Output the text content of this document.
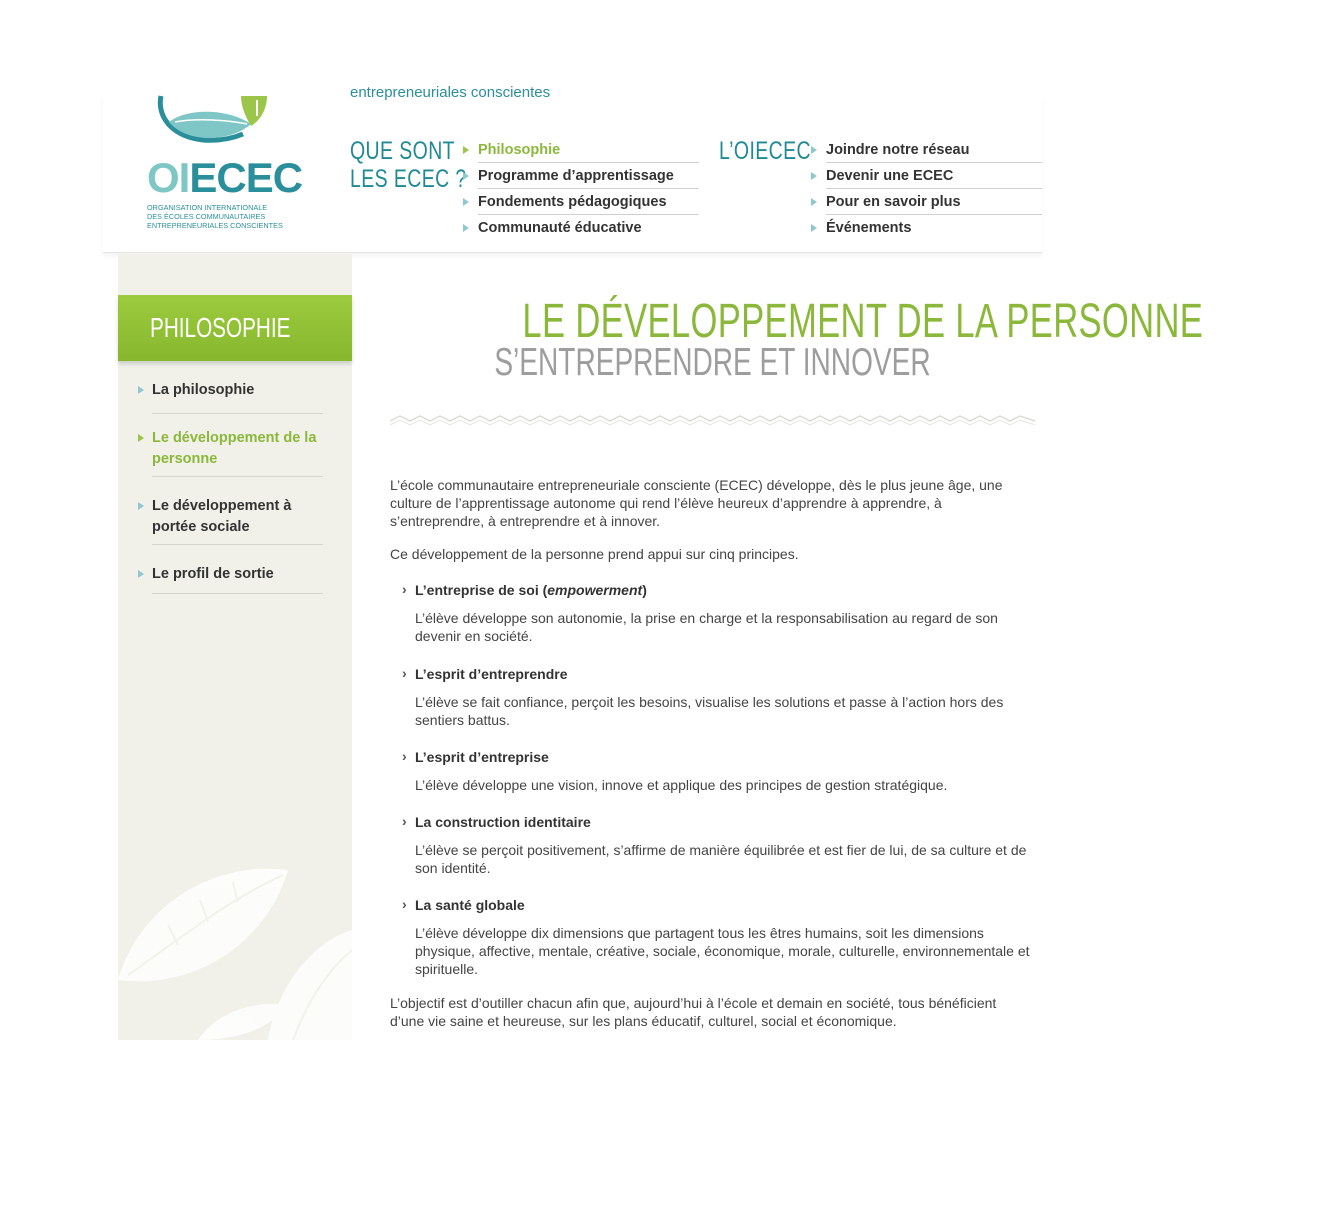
entrepreneuriales conscientes
OIECEC
ORGANISATION INTERNATIONALE
DES ÉCOLES COMMUNAUTAIRES
ENTREPRENEURIALES CONSCIENTES
QUE SONT
LES ECEC ?
Philosophie
Programme d’apprentissage
Fondements pédagogiques
Communauté éducative
L’OIECEC	Joindre notre réseau
Devenir une ECEC
Pour en savoir plus
Événements
PHILOSOPHIE
La philosophie
Le développement de la personne
Le développement à portée sociale
Le profil de sortie
LE DÉVELOPPEMENT DE LA PERSONNE
S’ENTREPRENDRE ET INNOVER

L’école communautaire entrepreneuriale consciente (ECEC) développe, dès le plus jeune âge, une culture de l’apprentissage autonome qui rend l’élève heureux d’apprendre à apprendre, à s’entreprendre, à entreprendre et à innover.

Ce développement de la personne prend appui sur cinq principes.

› L’entreprise de soi (empowerment)

L’élève développe son autonomie, la prise en charge et la responsabilisation au regard de son devenir en société.

› L’esprit d’entreprendre

L’élève se fait confiance, perçoit les besoins, visualise les solutions et passe à l’action hors des sentiers battus.

› L’esprit d’entreprise

L’élève développe une vision, innove et applique des principes de gestion stratégique.

› La construction identitaire

L’élève se perçoit positivement, s’affirme de manière équilibrée et est fier de lui, de sa culture et de son identité.

› La santé globale

L’élève développe dix dimensions que partagent tous les êtres humains, soit les dimensions physique, affective, mentale, créative, sociale, économique, morale, culturelle, environnementale et spirituelle.

L’objectif est d’outiller chacun afin que, aujourd’hui à l’école et demain en société, tous bénéficient d’une vie saine et heureuse, sur les plans éducatif, culturel, social et économique.
